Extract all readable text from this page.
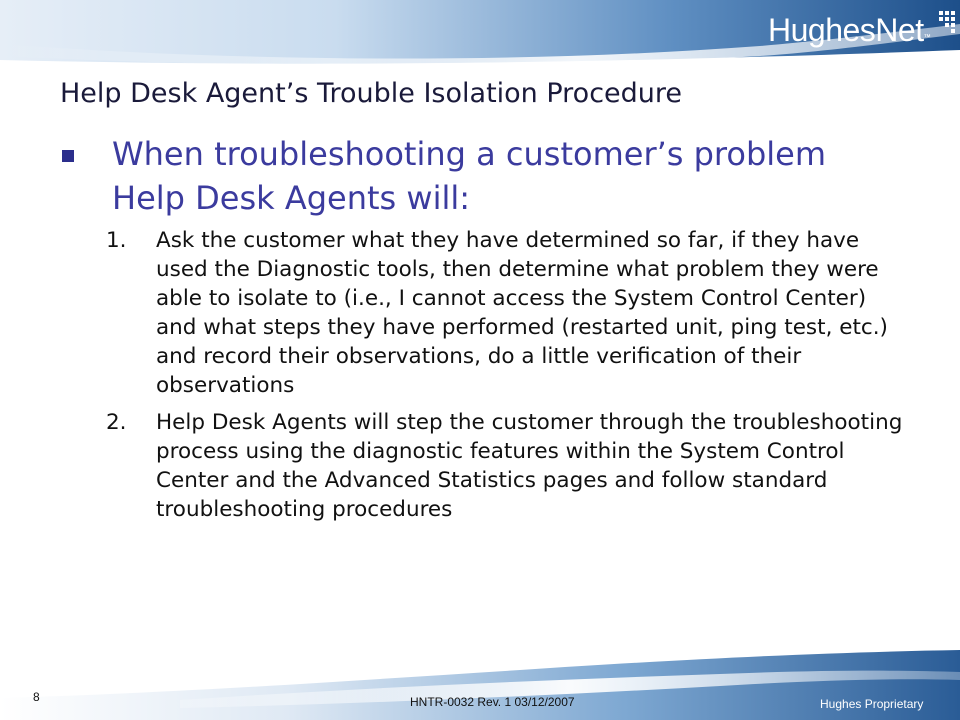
HughesNet ™
Help Desk Agent’s Trouble Isolation Procedure
When troubleshooting a customer’s problem Help Desk Agents will:
1.	Ask the customer what they have determined so far, if they have used the Diagnostic tools, then determine what problem they were able to isolate to (i.e., I cannot access the System Control Center) and what steps they have performed (restarted unit, ping test, etc.) and record their observations, do a little verification of their observations
2.	Help Desk Agents will step the customer through the troubleshooting process using the diagnostic features within the System Control Center and the Advanced Statistics pages and follow standard troubleshooting procedures
8	HNTR-0032 Rev. 1 03/12/2007	Hughes Proprietary
